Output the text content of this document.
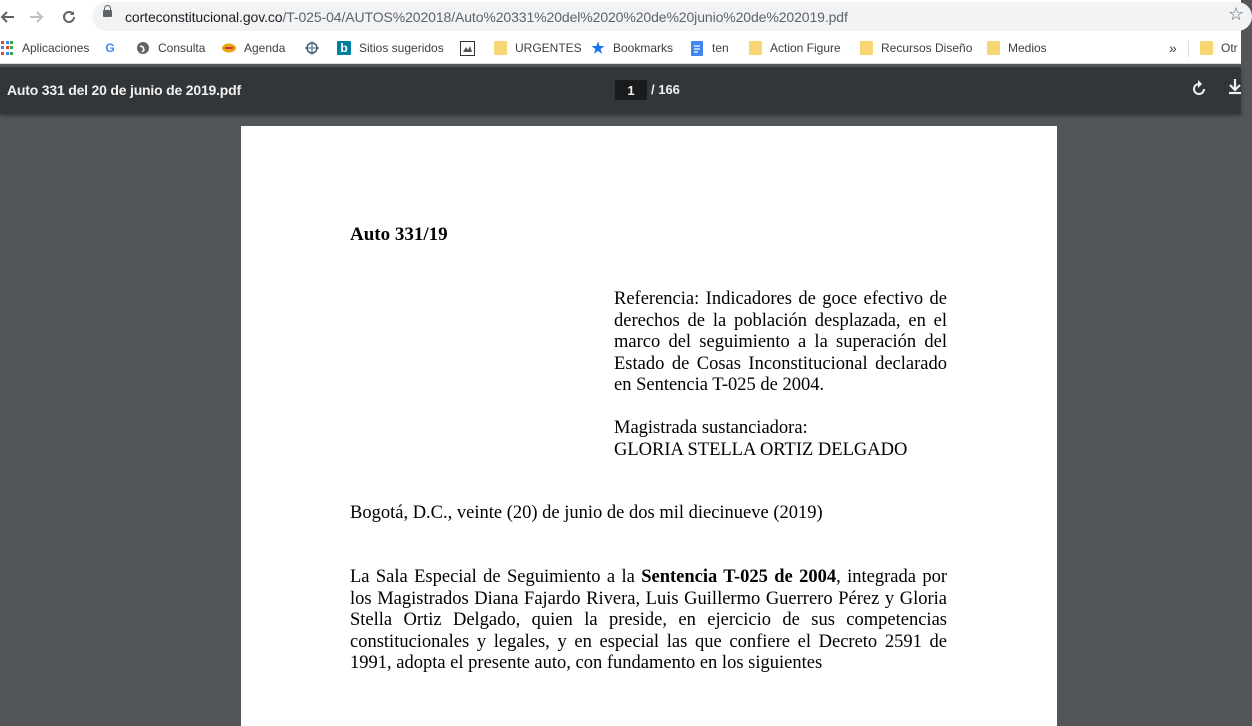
corteconstitucional.gov.co/T-025-04/AUTOS%202018/Auto%20331%20del%2020%20de%20junio%20de%202019.pdf	☆
Aplicaciones G	Consulta	Agenda	b Sitios sugeridos	URGENTES ★ Bookmarks	ten	Action Figure	Recursos Diseño	Medios	»	Otr
Auto 331 del 20 de junio de 2019.pdf
1	/ 166
Auto 331/19
Referencia: Indicadores de goce efectivo de
derechos de la población desplazada, en el
marco del seguimiento a la superación del
Estado de Cosas Inconstitucional declarado
en Sentencia T-025 de 2004.
Magistrada sustanciadora:
GLORIA STELLA ORTIZ DELGADO
Bogotá, D.C., veinte (20) de junio de dos mil diecinueve (2019)
La Sala Especial de Seguimiento a la Sentencia T-025 de 2004, integrada por
los Magistrados Diana Fajardo Rivera, Luis Guillermo Guerrero Pérez y Gloria
Stella Ortiz Delgado, quien la preside, en ejercicio de sus competencias
constitucionales y legales, y en especial las que confiere el Decreto 2591 de
1991, adopta el presente auto, con fundamento en los siguientes
